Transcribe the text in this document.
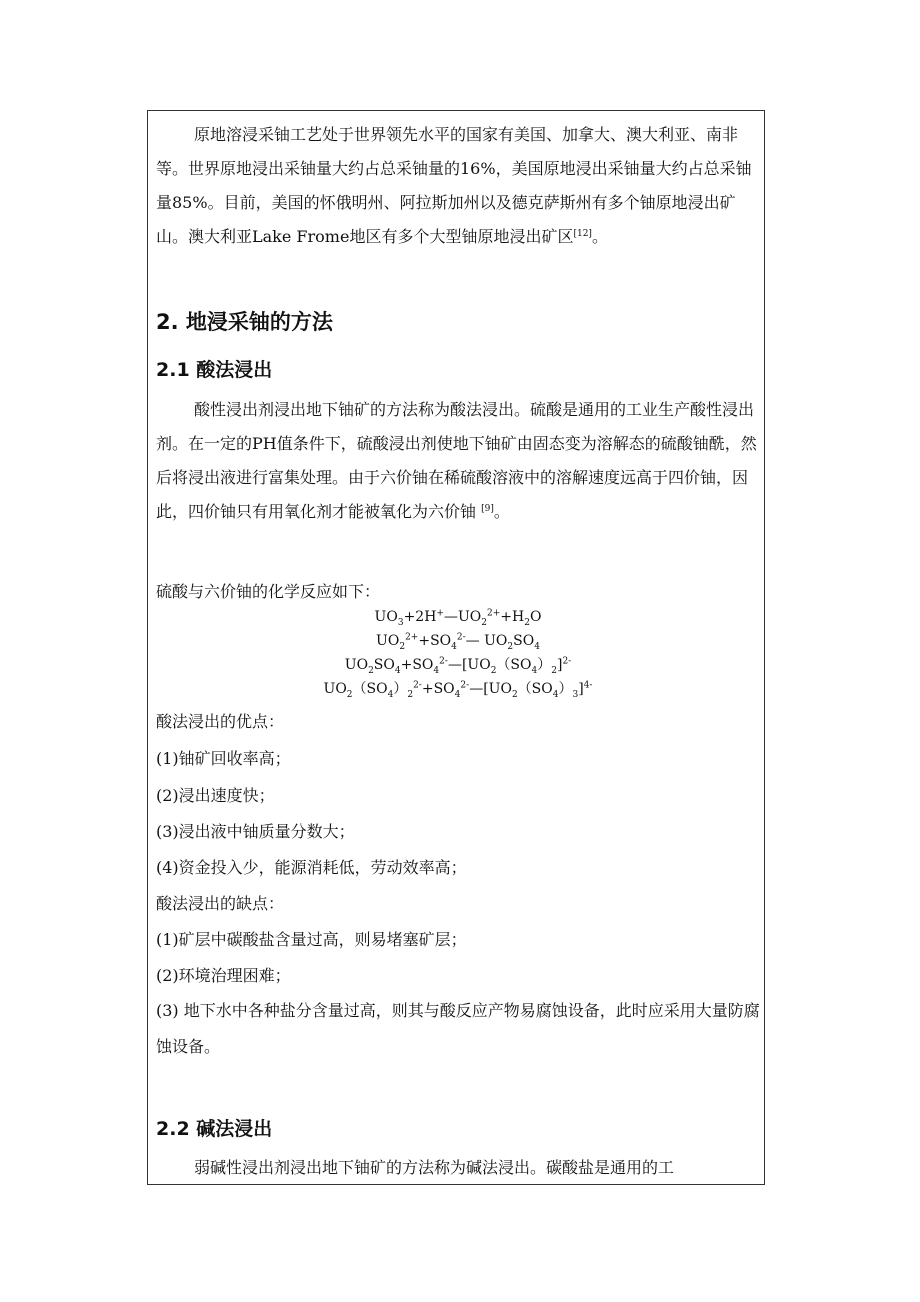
原地溶浸采铀工艺处于世界领先水平的国家有美国、加拿大、澳大利亚、南非等。世界原地浸出采铀量大约占总采铀量的16%，美国原地浸出采铀量大约占总采铀量85%。目前，美国的怀俄明州、阿拉斯加州以及德克萨斯州有多个铀原地浸出矿山。澳大利亚Lake Frome地区有多个大型铀原地浸出矿区[12]。

2. 地浸采铀的方法
2.1 酸法浸出

酸性浸出剂浸出地下铀矿的方法称为酸法浸出。硫酸是通用的工业生产酸性浸出剂。在一定的PH值条件下，硫酸浸出剂使地下铀矿由固态变为溶解态的硫酸铀酰，然后将浸出液进行富集处理。由于六价铀在稀硫酸溶液中的溶解速度远高于四价铀，因此，四价铀只有用氧化剂才能被氧化为六价铀 [9]。

硫酸与六价铀的化学反应如下：

$UO_3+2H^+—UO_2^{2+}+H_2O$
$UO_2^{2+}+SO_4^{2-}—$ $UO_2SO_4$
$UO_2SO_4+SO_4^{2-}—[UO_2(SO_4)_2]^{2-}$
$UO_2(SO_4)_2^{2-}+SO_4^{2-}—[UO_2(SO_4)_3]^{4-}$

酸法浸出的优点：

(1)铀矿回收率高；

(2)浸出速度快；

(3)浸出液中铀质量分数大；

(4)资金投入少，能源消耗低，劳动效率高；

酸法浸出的缺点：

(1)矿层中碳酸盐含量过高，则易堵塞矿层；

(2)环境治理困难；

(3) 地下水中各种盐分含量过高，则其与酸反应产物易腐蚀设备，此时应采用大量防腐蚀设备。

2.2 碱法浸出

弱碱性浸出剂浸出地下铀矿的方法称为碱法浸出。碳酸盐是通用的工
